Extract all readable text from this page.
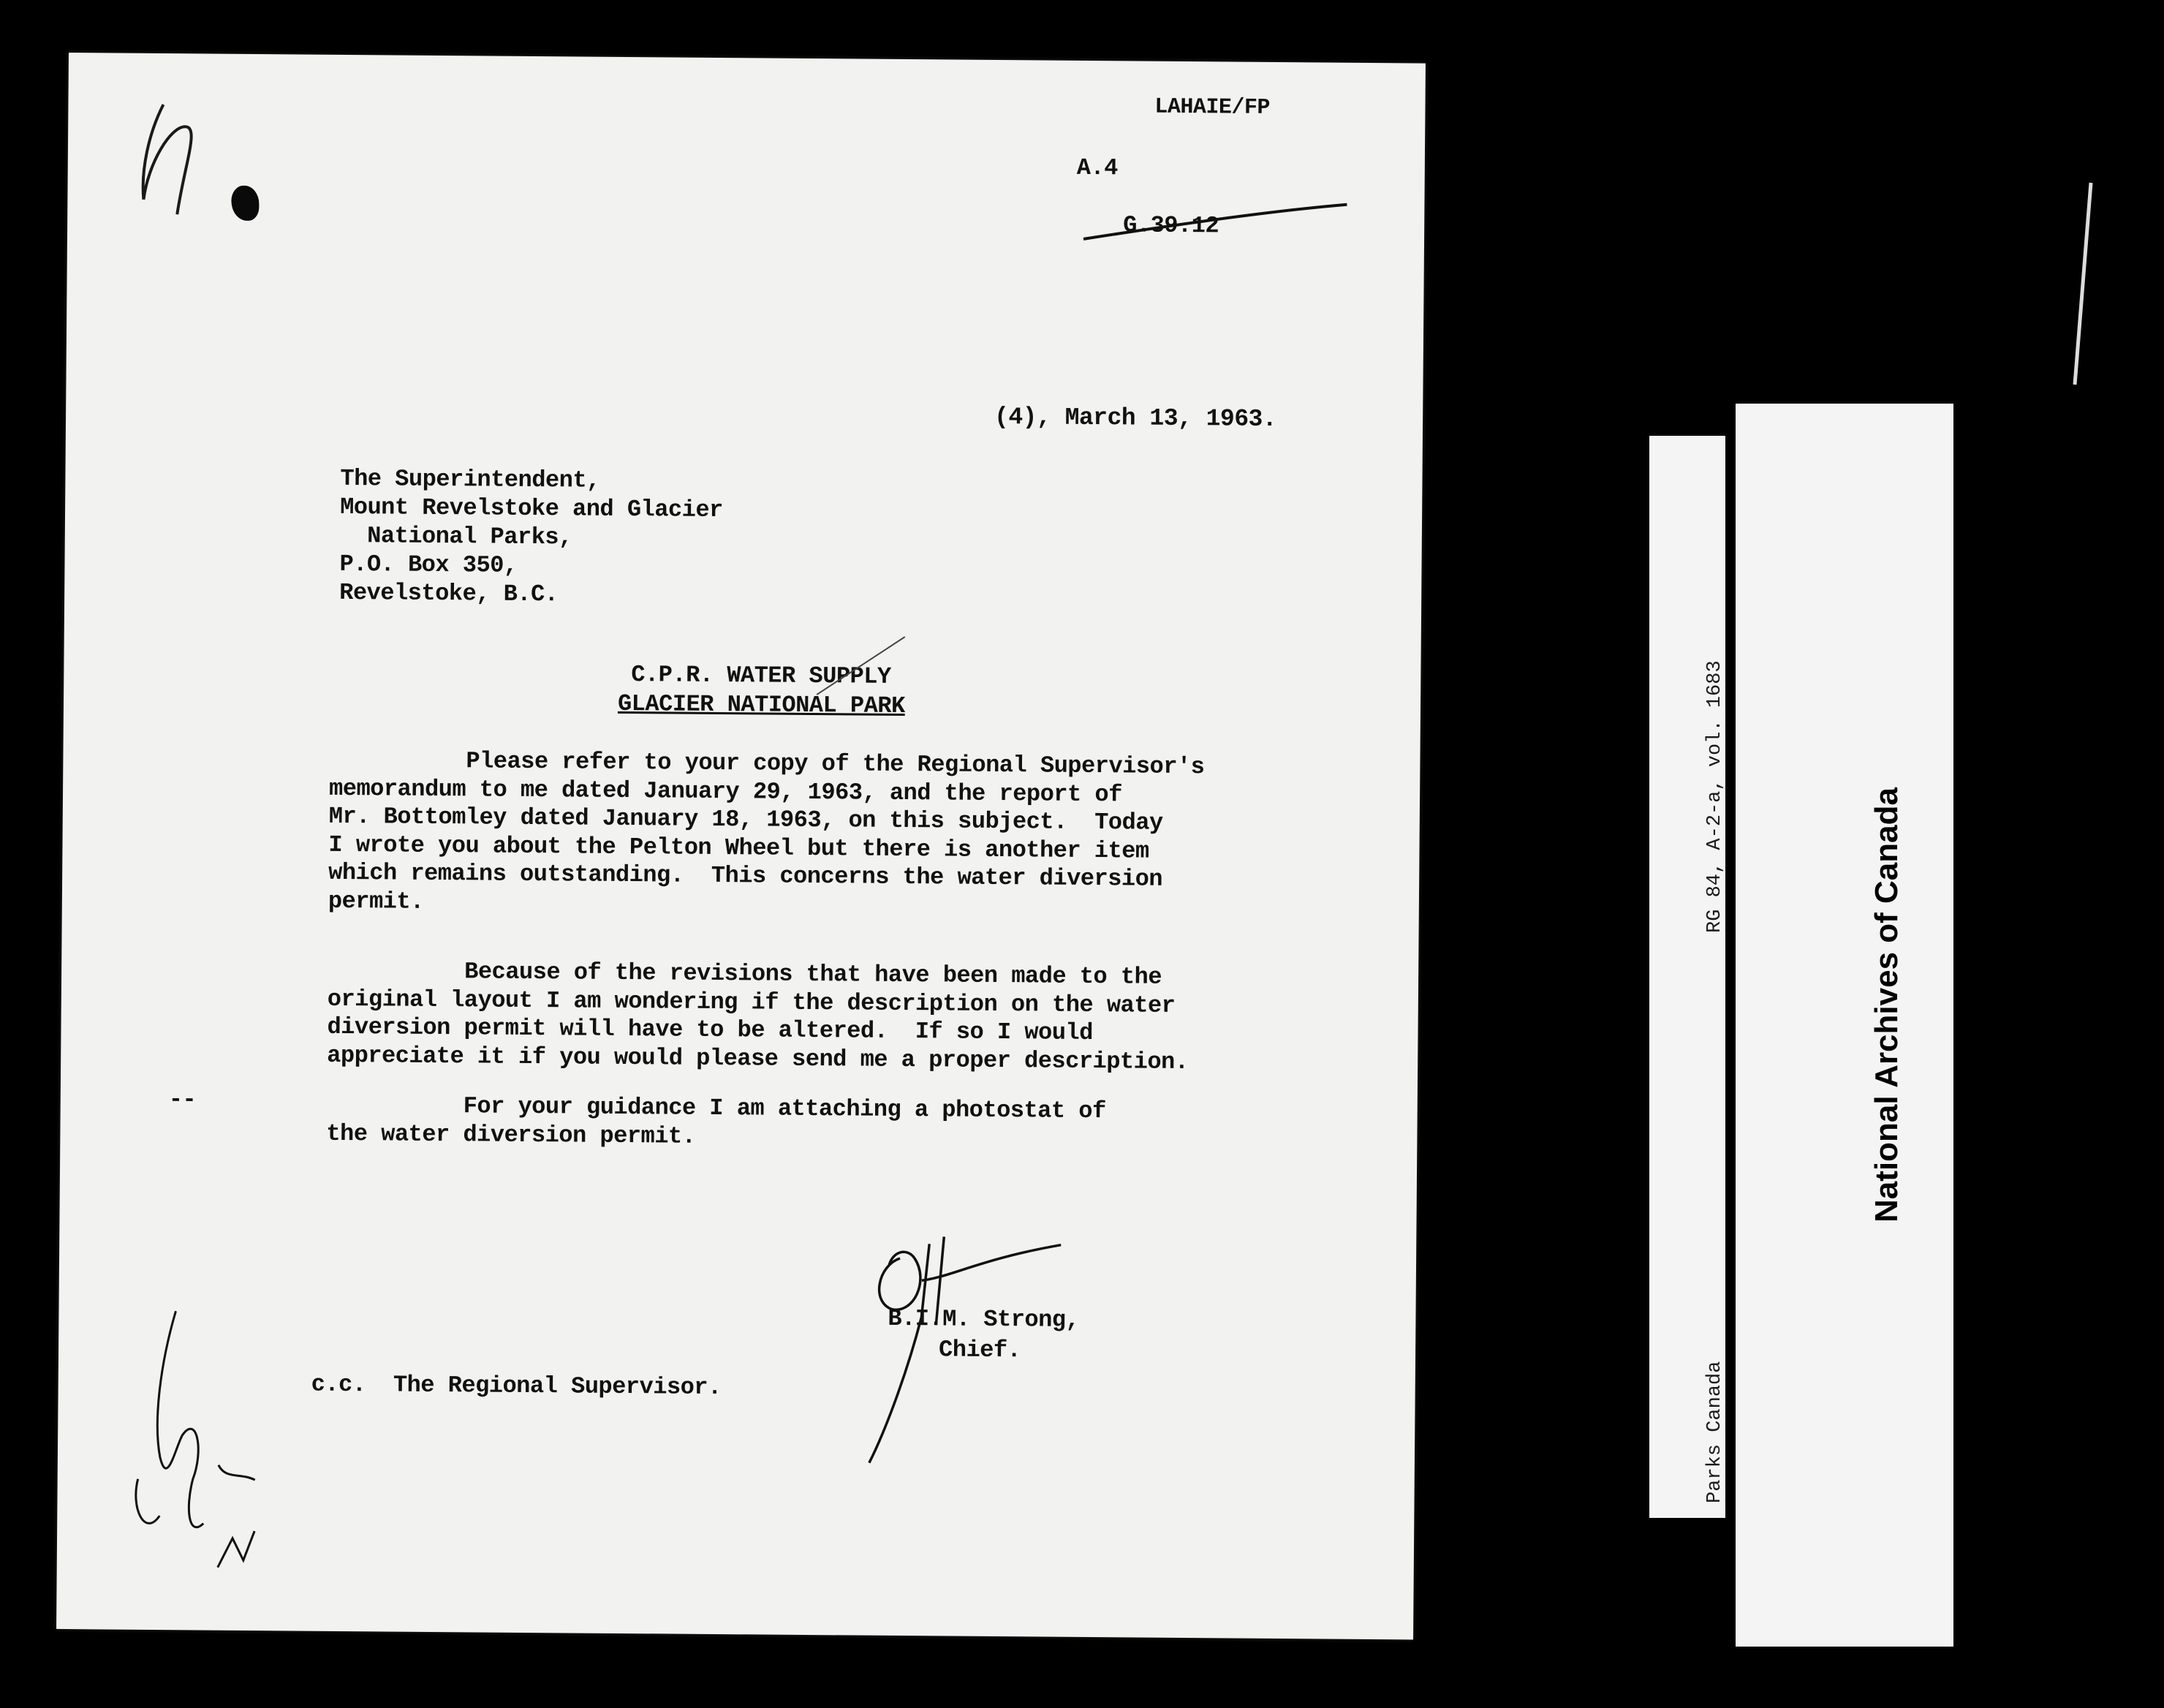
LAHAIE/FP
A.4
G.39.12
(4), March 13, 1963.
The Superintendent,
Mount Revelstoke and Glacier
National Parks,
P.O. Box 350,
Revelstoke, B.C.
C.P.R. WATER SUPPLY
GLACIER NATIONAL PARK
Please refer to your copy of the Regional Supervisor's
memorandum to me dated January 29, 1963, and the report of
Mr. Bottomley dated January 18, 1963, on this subject.  Today
I wrote you about the Pelton Wheel but there is another item
which remains outstanding.  This concerns the water diversion
permit.
Because of the revisions that have been made to the
original layout I am wondering if the description on the water
diversion permit will have to be altered.  If so I would
appreciate it if you would please send me a proper description.
--	For your guidance I am attaching a photostat of
the water diversion permit.
B.I.M. Strong,
Chief.
c.c.  The Regional Supervisor.

RG 84, A-2-a, vol. 1683

Parks Canada

National Archives of Canada

Archives nationales du Canada
